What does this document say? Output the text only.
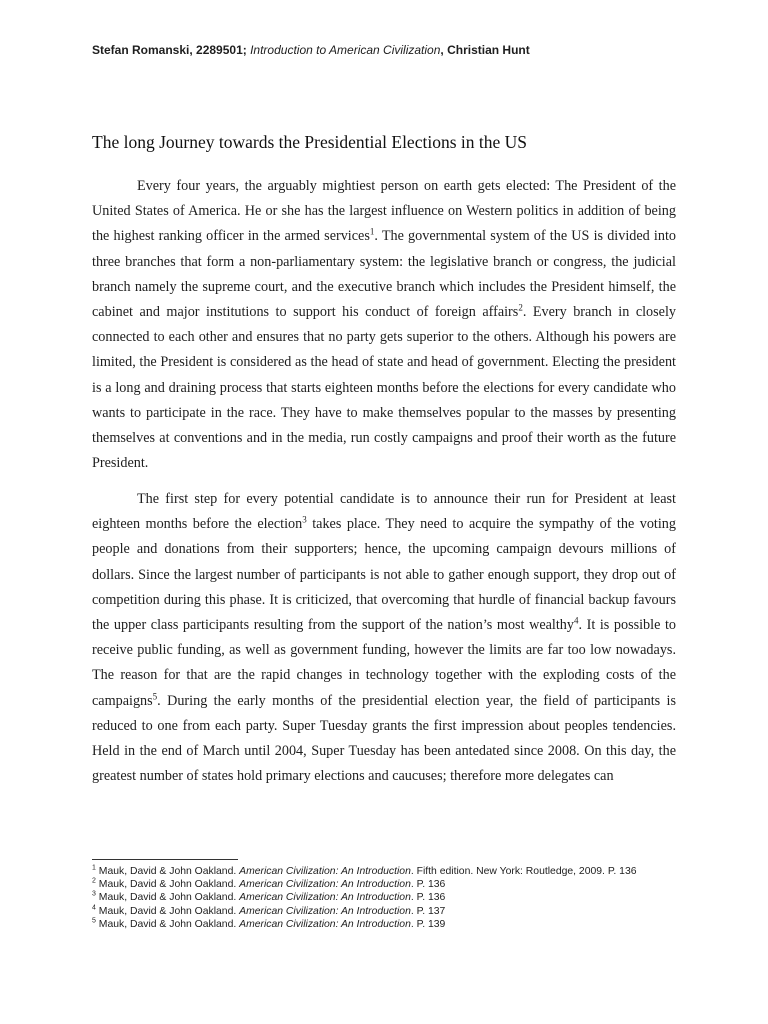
Stefan Romanski, 2289501; Introduction to American Civilization, Christian Hunt
The long Journey towards the Presidential Elections in the US

Every four years, the arguably mightiest person on earth gets elected: The President of the United States of America. He or she has the largest influence on Western politics in addition of being the highest ranking officer in the armed services$^1$. The governmental system of the US is divided into three branches that form a non-parliamentary system: the legislative branch or congress, the judicial branch namely the supreme court, and the executive branch which includes the President himself, the cabinet and major institutions to support his conduct of foreign affairs$^2$. Every branch in closely connected to each other and ensures that no party gets superior to the others. Although his powers are limited, the President is considered as the head of state and head of government. Electing the president is a long and draining process that starts eighteen months before the elections for every candidate who wants to participate in the race. They have to make themselves popular to the masses by presenting themselves at conventions and in the media, run costly campaigns and proof their worth as the future President.

The first step for every potential candidate is to announce their run for President at least eighteen months before the election$^3$ takes place. They need to acquire the sympathy of the voting people and donations from their supporters; hence, the upcoming campaign devours millions of dollars. Since the largest number of participants is not able to gather enough support, they drop out of competition during this phase. It is criticized, that overcoming that hurdle of financial backup favours the upper class participants resulting from the support of the nation’s most wealthy$^4$. It is possible to receive public funding, as well as government funding, however the limits are far too low nowadays. The reason for that are the rapid changes in technology together with the exploding costs of the campaigns$^5$. During the early months of the presidential election year, the field of participants is reduced to one from each party. Super Tuesday grants the first impression about peoples tendencies. Held in the end of March until 2004, Super Tuesday has been antedated since 2008. On this day, the greatest number of states hold primary elections and caucuses; therefore more delegates can

$^1$ Mauk, David & John Oakland. American Civilization: An Introduction. Fifth edition. New York: Routledge, 2009. P. 136

$^2$ Mauk, David & John Oakland. American Civilization: An Introduction. P. 136

$^3$ Mauk, David & John Oakland. American Civilization: An Introduction. P. 136

$^4$ Mauk, David & John Oakland. American Civilization: An Introduction. P. 137

$^5$ Mauk, David & John Oakland. American Civilization: An Introduction. P. 139
